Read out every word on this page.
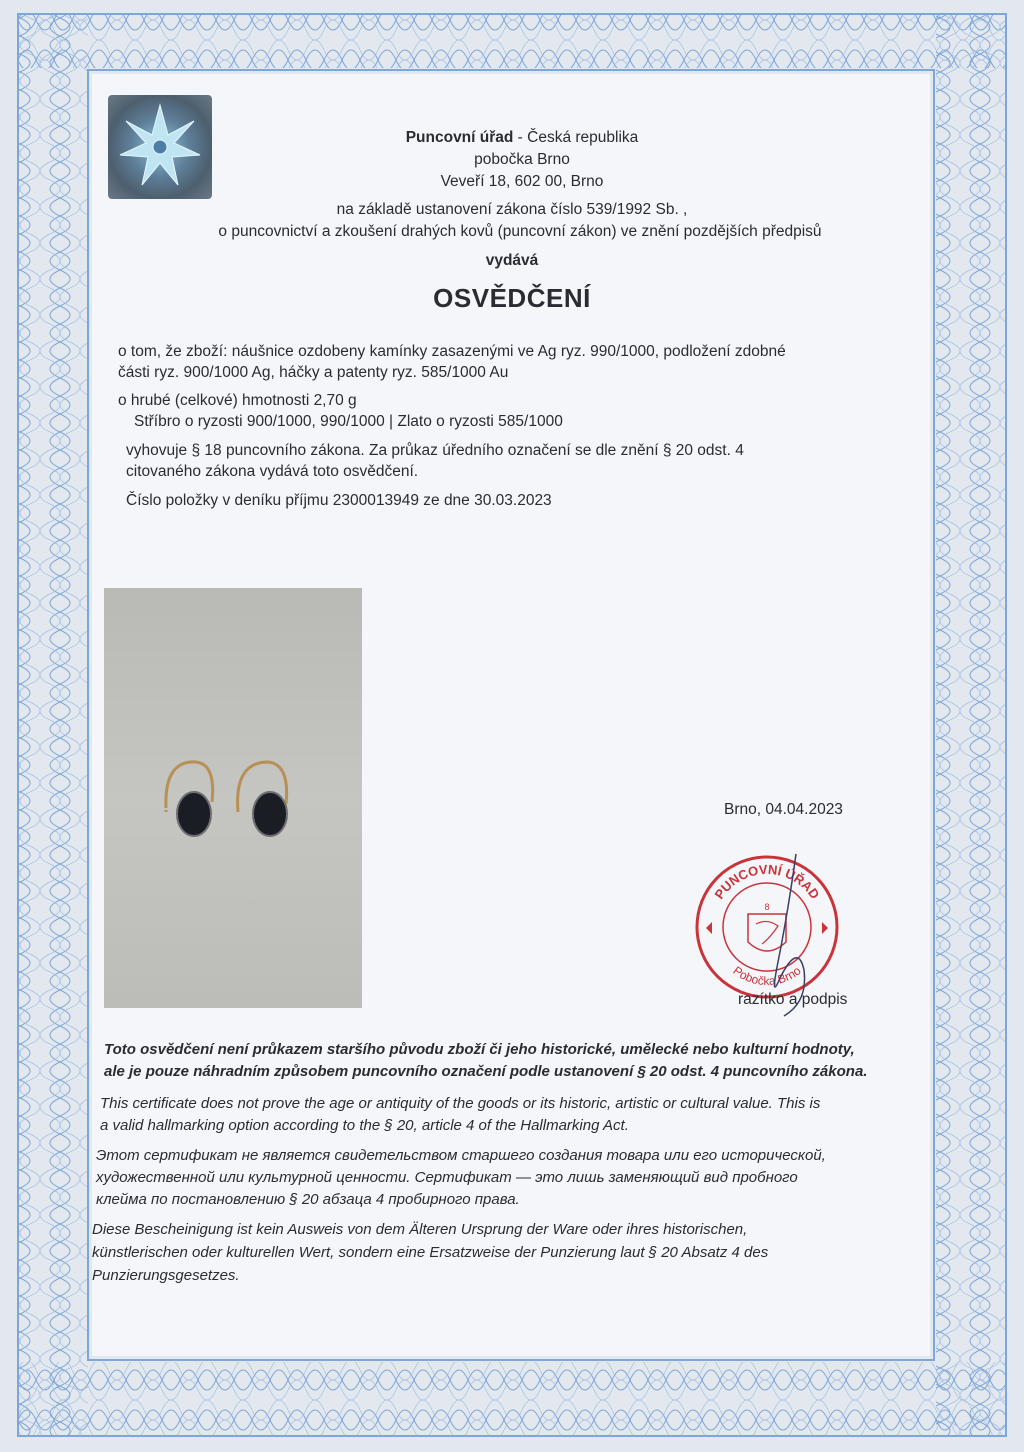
Puncovní úřad - Česká republika
pobočka Brno
Veveří 18, 602 00, Brno
na základě ustanovení zákona číslo 539/1992 Sb. ,
o puncovnictví a zkoušení drahých kovů (puncovní zákon) ve znění pozdějších předpisů
vydává
OSVĚDČENÍ
o tom, že zboží: náušnice ozdobeny kamínky zasazenými ve Ag ryz. 990/1000, podložení zdobné
části ryz. 900/1000 Ag, háčky a patenty ryz. 585/1000 Au
o hrubé (celkové) hmotnosti 2,70 g
Stříbro o ryzosti 900/1000, 990/1000 | Zlato o ryzosti 585/1000
vyhovuje § 18 puncovního zákona. Za průkaz úředního označení se dle znění § 20 odst. 4
citovaného zákona vydává toto osvědčení.
Číslo položky v deníku příjmu 2300013949 ze dne 30.03.2023
Brno, 04.04.2023
PUNCOVNÍ ÚŘAD
Pobočka Brno
8
razítko a podpis
Toto osvědčení není průkazem staršího původu zboží či jeho historické, umělecké nebo kulturní hodnoty,
ale je pouze náhradním způsobem puncovního označení podle ustanovení § 20 odst. 4 puncovního zákona.
This certificate does not prove the age or antiquity of the goods or its historic, artistic or cultural value. This is
a valid hallmarking option according to the § 20, article 4 of the Hallmarking Act.
Этот сертификат не является свидетельством старшего создания товара или его исторической,
художественной или культурной ценности. Сертификат — это лишь заменяющий вид пробного
клейма по постановлению § 20 абзаца 4 пробирного права.
Diese Bescheinigung ist kein Ausweis von dem Älteren Ursprung der Ware oder ihres historischen,
künstlerischen oder kulturellen Wert, sondern eine Ersatzweise der Punzierung laut § 20 Absatz 4 des
Punzierungsgesetzes.
